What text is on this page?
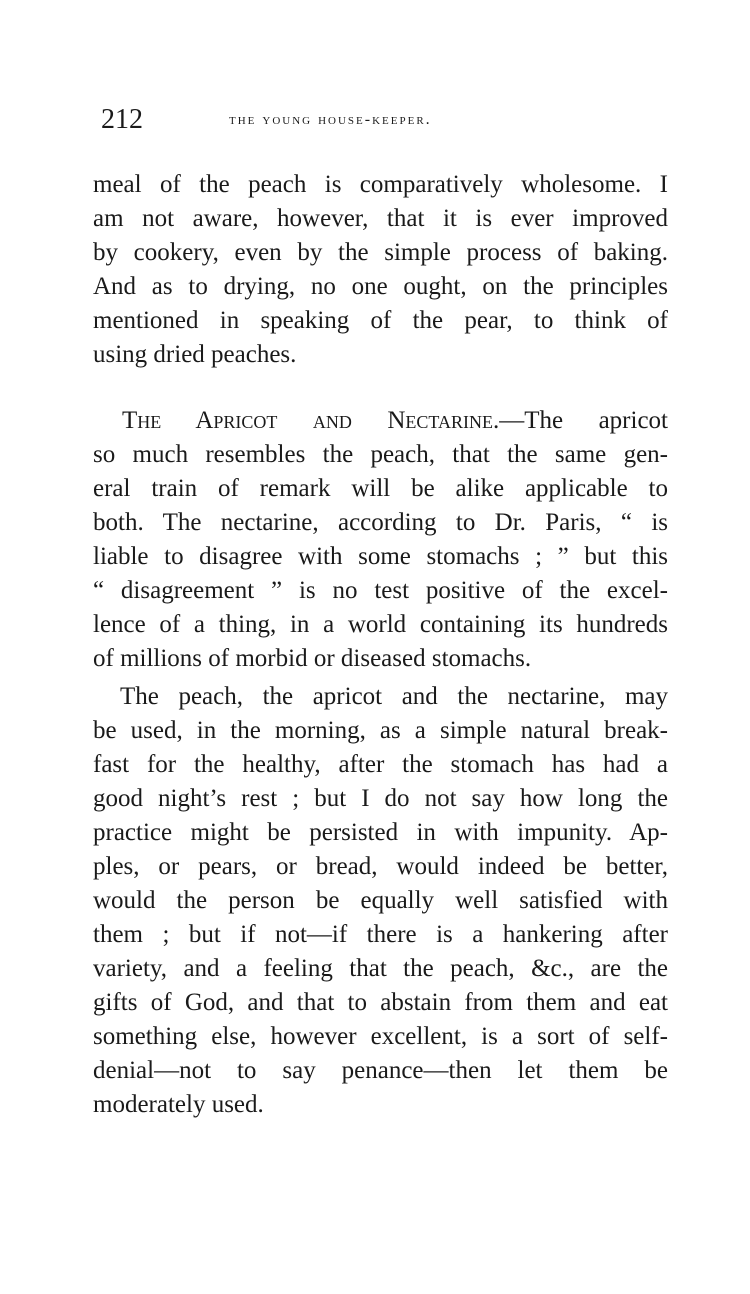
212	the young house-keeper.
meal of the peach is comparatively wholesome. I
am not aware, however, that it is ever improved
by cookery, even by the simple process of baking.
And as to drying, no one ought, on the principles
mentioned in speaking of the pear, to think of
using dried peaches.
The Apricot and Nectarine.—The apricot
so much resembles the peach, that the same gen-
eral train of remark will be alike applicable to
both. The nectarine, according to Dr. Paris, “ is
liable to disagree with some stomachs ; ” but this
“ disagreement ” is no test positive of the excel-
lence of a thing, in a world containing its hundreds
of millions of morbid or diseased stomachs.
The peach, the apricot and the nectarine, may
be used, in the morning, as a simple natural break-
fast for the healthy, after the stomach has had a
good night’s rest ; but I do not say how long the
practice might be persisted in with impunity. Ap-
ples, or pears, or bread, would indeed be better,
would the person be equally well satisfied with
them ; but if not—if there is a hankering after
variety, and a feeling that the peach, &c., are the
gifts of God, and that to abstain from them and eat
something else, however excellent, is a sort of self-
denial—not to say penance—then let them be
moderately used.
